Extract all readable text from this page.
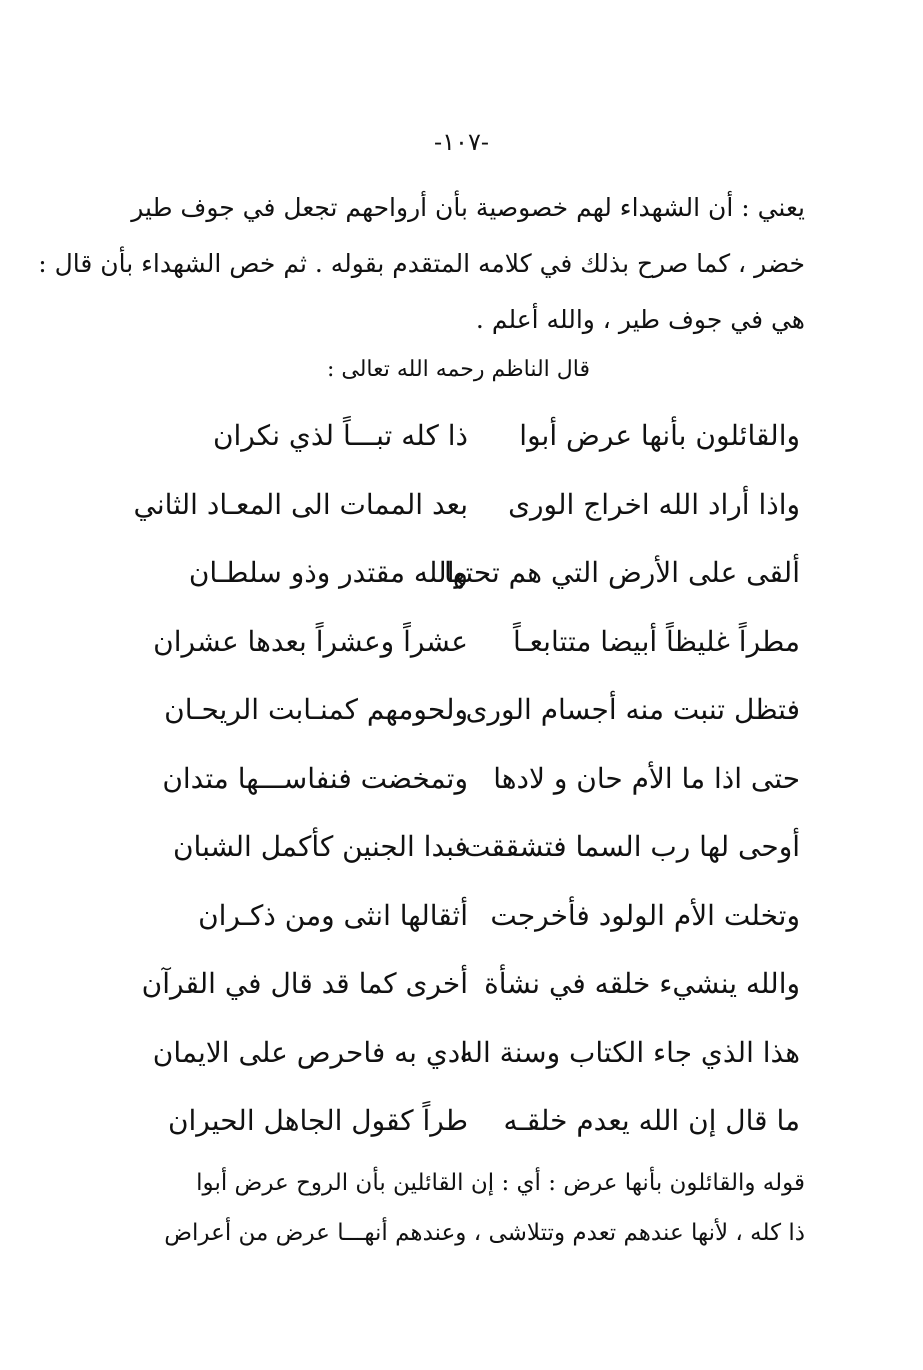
-١٠٧-
يعني : أن الشهداء لهم خصوصية بأن أرواحهم تجعل في جوف طير
خضر ، كما صرح بذلك في كلامه المتقدم بقوله . ثم خص الشهداء بأن قال :
هي في جوف طير ، والله أعلم .
قال الناظم رحمه الله تعالى :
والقائلون بأنها عرض أبوا
ذا كله تبـــاً لذي نكران
واذا أراد الله اخراج الورى
بعد الممات الى المعـاد الثاني
ألقى على الأرض التي هم تحتها
والله مقتدر وذو سلطـان
مطراً غليظاً أبيضا متتابعـاً
عشراً وعشراً بعدها عشران
فتظل تنبت منه أجسام الورى
ولحومهم كمنـابت الريحـان
حتى اذا ما الأم حان و لادها
وتمخضت فنفاســـها متدان
أوحى لها رب السما فتشققت
فبدا الجنين كأكمل الشبان
وتخلت الأم الولود فأخرجت
أثقالها انثى ومن ذكـران
والله ينشيء خلقه في نشأة
أخرى كما قد قال في القرآن
هذا الذي جاء الكتاب وسنة اله
ادي به فاحرص على الايمان
ما قال إن الله يعدم خلقـه
طراً كقول الجاهل الحيران
قوله والقائلون بأنها عرض : أي : إن القائلين بأن الروح عرض أبوا
ذا كله ، لأنها عندهم تعدم وتتلاشى ، وعندهم أنهـــا عرض من أعراض
